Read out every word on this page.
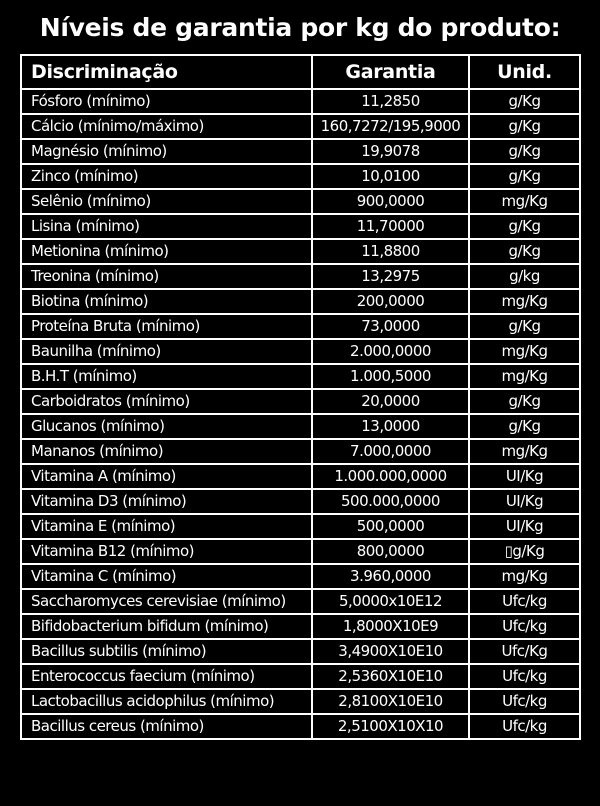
Níveis de garantia por kg do produto:
Discriminação	Garantia	Unid.
Fósforo (mínimo)	11,2850	g/Kg
Cálcio (mínimo/máximo)	160,7272/195,9000	g/Kg
Magnésio (mínimo)	19,9078	g/Kg
Zinco (mínimo)	10,0100	g/Kg
Selênio (mínimo)	900,0000	mg/Kg
Lisina (mínimo)	11,70000	g/Kg
Metionina (mínimo)	11,8800	g/Kg
Treonina (mínimo)	13,2975	g/kg
Biotina (mínimo)	200,0000	mg/Kg
Proteína Bruta (mínimo)	73,0000	g/Kg
Baunilha (mínimo)	2.000,0000	mg/Kg
B.H.T (mínimo)	1.000,5000	mg/Kg
Carboidratos (mínimo)	20,0000	g/Kg
Glucanos (mínimo)	13,0000	g/Kg
Mananos (mínimo)	7.000,0000	mg/Kg
Vitamina A (mínimo)	1.000.000,0000	UI/Kg
Vitamina D3 (mínimo)	500.000,0000	UI/Kg
Vitamina E (mínimo)	500,0000	UI/Kg
Vitamina B12 (mínimo)	800,0000	▯g/Kg
Vitamina C (mínimo)	3.960,0000	mg/Kg
Saccharomyces cerevisiae (mínimo)	5,0000x10E12	Ufc/kg
Bifidobacterium bifidum (mínimo)	1,8000X10E9	Ufc/kg
Bacillus subtilis (mínimo)	3,4900X10E10	Ufc/Kg
Enterococcus faecium (mínimo)	2,5360X10E10	Ufc/kg
Lactobacillus acidophilus (mínimo)	2,8100X10E10	Ufc/kg
Bacillus cereus (mínimo)	2,5100X10X10	Ufc/kg
